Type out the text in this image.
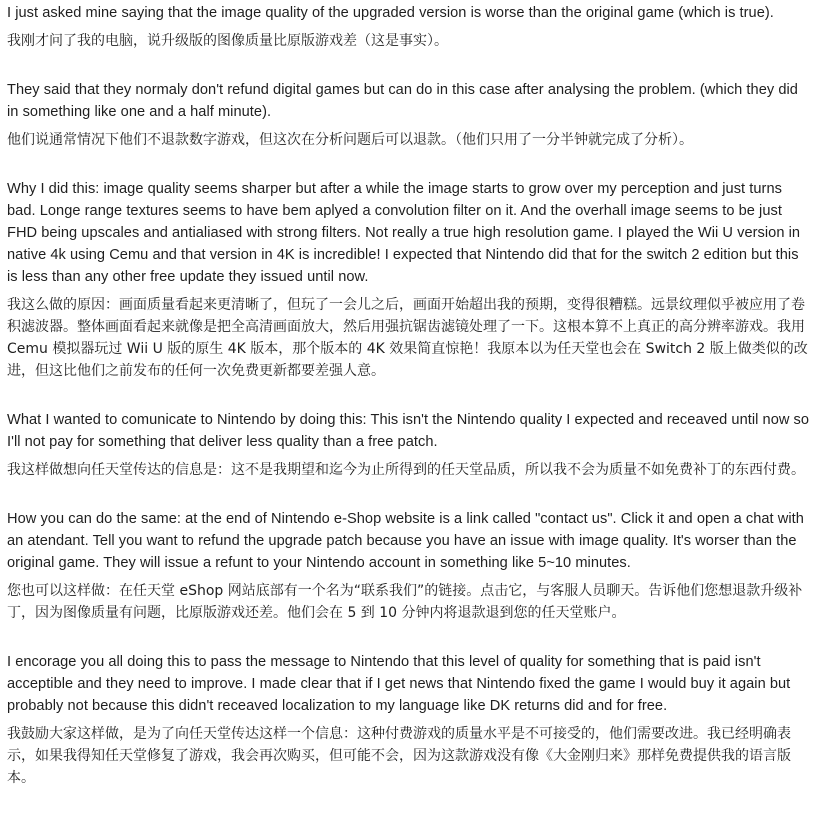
I just asked mine saying that the image quality of the upgraded version is worse than the original game (which is true).

我刚才问了我的电脑，说升级版的图像质量比原版游戏差（这是事实）。

They said that they normaly don't refund digital games but can do in this case after analysing the problem. (which they did in something like one and a half minute).

他们说通常情况下他们不退款数字游戏，但这次在分析问题后可以退款。（他们只用了一分半钟就完成了分析）。

Why I did this: image quality seems sharper but after a while the image starts to grow over my perception and just turns bad. Longe range textures seems to have bem aplyed a convolution filter on it. And the overhall image seems to be just FHD being upscales and antialiased with strong filters. Not really a true high resolution game. I played the Wii U version in native 4k using Cemu and that version in 4K is incredible! I expected that Nintendo did that for the switch 2 edition but this is less than any other free update they issued until now.

我这么做的原因：画面质量看起来更清晰了，但玩了一会儿之后，画面开始超出我的预期，变得很糟糕。远景纹理似乎被应用了卷积滤波器。整体画面看起来就像是把全高清画面放大，然后用强抗锯齿滤镜处理了一下。这根本算不上真正的高分辨率游戏。我用 Cemu 模拟器玩过 Wii U 版的原生 4K 版本，那个版本的 4K 效果简直惊艳！我原本以为任天堂也会在 Switch 2 版上做类似的改进，但这比他们之前发布的任何一次免费更新都要差强人意。

What I wanted to comunicate to Nintendo by doing this: This isn't the Nintendo quality I expected and receaved until now so I'll not pay for something that deliver less quality than a free patch.

我这样做想向任天堂传达的信息是：这不是我期望和迄今为止所得到的任天堂品质，所以我不会为质量不如免费补丁的东西付费。

How you can do the same: at the end of Nintendo e-Shop website is a link called "contact us". Click it and open a chat with an atendant. Tell you want to refund the upgrade patch because you have an issue with image quality. It's worser than the original game. They will issue a refunt to your Nintendo account in something like 5~10 minutes.

您也可以这样做：在任天堂 eShop 网站底部有一个名为“联系我们”的链接。点击它，与客服人员聊天。告诉他们您想退款升级补丁，因为图像质量有问题，比原版游戏还差。他们会在 5 到 10 分钟内将退款退到您的任天堂账户。

I encorage you all doing this to pass the message to Nintendo that this level of quality for something that is paid isn't acceptible and they need to improve. I made clear that if I get news that Nintendo fixed the game I would buy it again but probably not because this didn't receaved localization to my language like DK returns did and for free.

我鼓励大家这样做，是为了向任天堂传达这样一个信息：这种付费游戏的质量水平是不可接受的，他们需要改进。我已经明确表示，如果我得知任天堂修复了游戏，我会再次购买，但可能不会，因为这款游戏没有像《大金刚归来》那样免费提供我的语言版本。
